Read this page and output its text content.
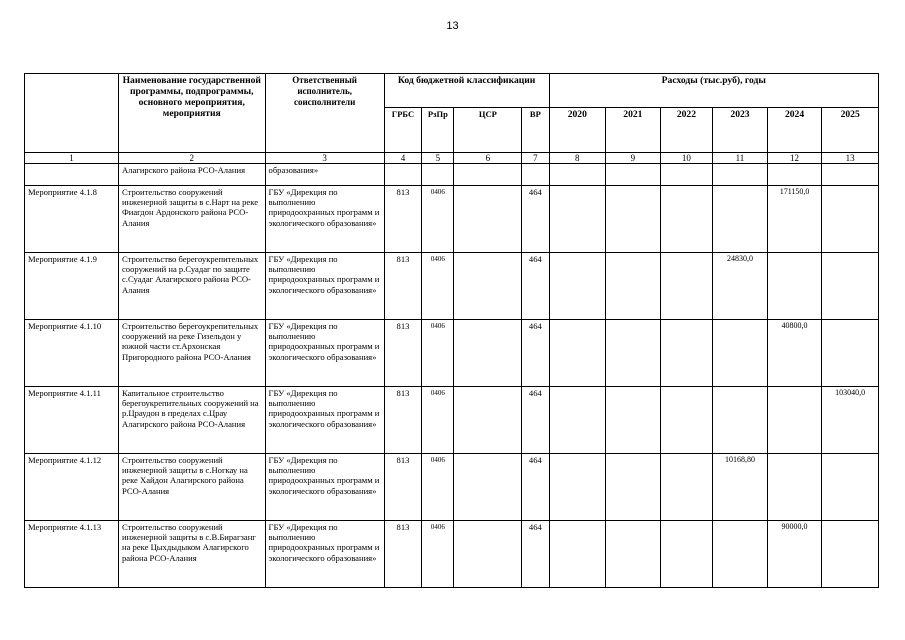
13
	Наименование государственной программы, подпрограммы, основного мероприятия, мероприятия	Ответственный исполнитель, соисполнители	Код бюджетной классификации				Расходы (тыс.руб), годы					
			ГРБС	РзПр	ЦСР	ВР	2020	2021	2022	2023	2024	2025
1	2	3	4	5	6	7	8	9	10	11	12	13
	Алагирского района РСО-Алания	образования»										
Мероприятие 4.1.8	Строительство сооружений инженерной защиты в с.Нарт на реке Фиагдон Ардонского района РСО-Алания	ГБУ «Дирекция по выполнению природоохранных программ и экологического образования»	813	0406		464					171150,0	
Мероприятие 4.1.9	Строительство берегоукрепительных сооружений на р.Суадаг по защите с.Суадаг Алагирского района РСО-Алания	ГБУ «Дирекция по выполнению природоохранных программ и экологического образования»	813	0406		464				24830,0		
Мероприятие 4.1.10	Строительство берегоукрепительных сооружений на реке Гизельдон у южной части ст.Архонская Пригородного района РСО-Алания	ГБУ «Дирекция по выполнению природоохранных программ и экологического образования»	813	0406		464					40800,0	
Мероприятие 4.1.11	Капитальное строительство берегоукрепительных сооружений на р.Цраудон в пределах с.Црау Алагирского района РСО-Алания	ГБУ «Дирекция по выполнению природоохранных программ и экологического образования»	813	0406		464						103040,0
Мероприятие 4.1.12	Строительство сооружений инженерной защиты в с.Ногкау на реке Хайдон Алагирского района РСО-Алания	ГБУ «Дирекция по выполнению природоохранных программ и экологического образования»	813	0406		464				10168,80		
Мероприятие 4.1.13	Строительство сооружений инженерной защиты в с.В.Бирагзанг на реке Цыхдыдыком Алагирского района РСО-Алания	ГБУ «Дирекция по выполнению природоохранных программ и экологического образования»	813	0406		464					90000,0	
